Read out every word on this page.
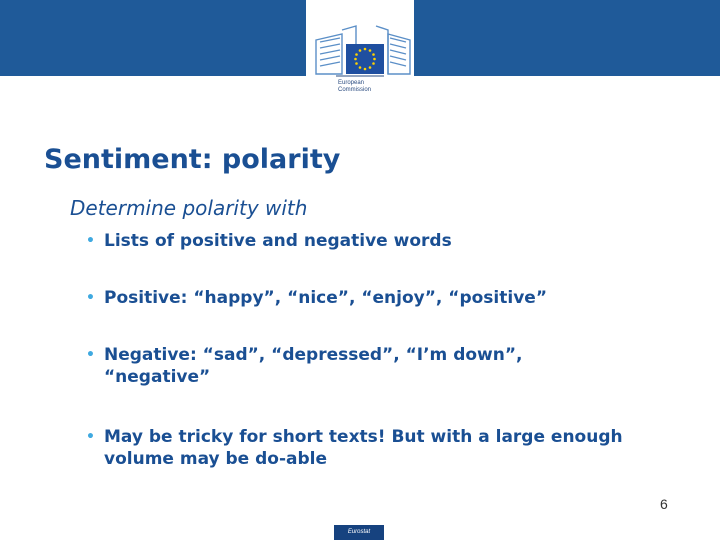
European
Commission
Sentiment: polarity
Determine polarity with
• Lists of positive and negative words
• Positive: “happy”, “nice”, “enjoy”, “positive”
• Negative: “sad”, “depressed”, “I’m down”, “negative”
• May be tricky for short texts! But with a large enough volume may be do-able
6
Eurostat
